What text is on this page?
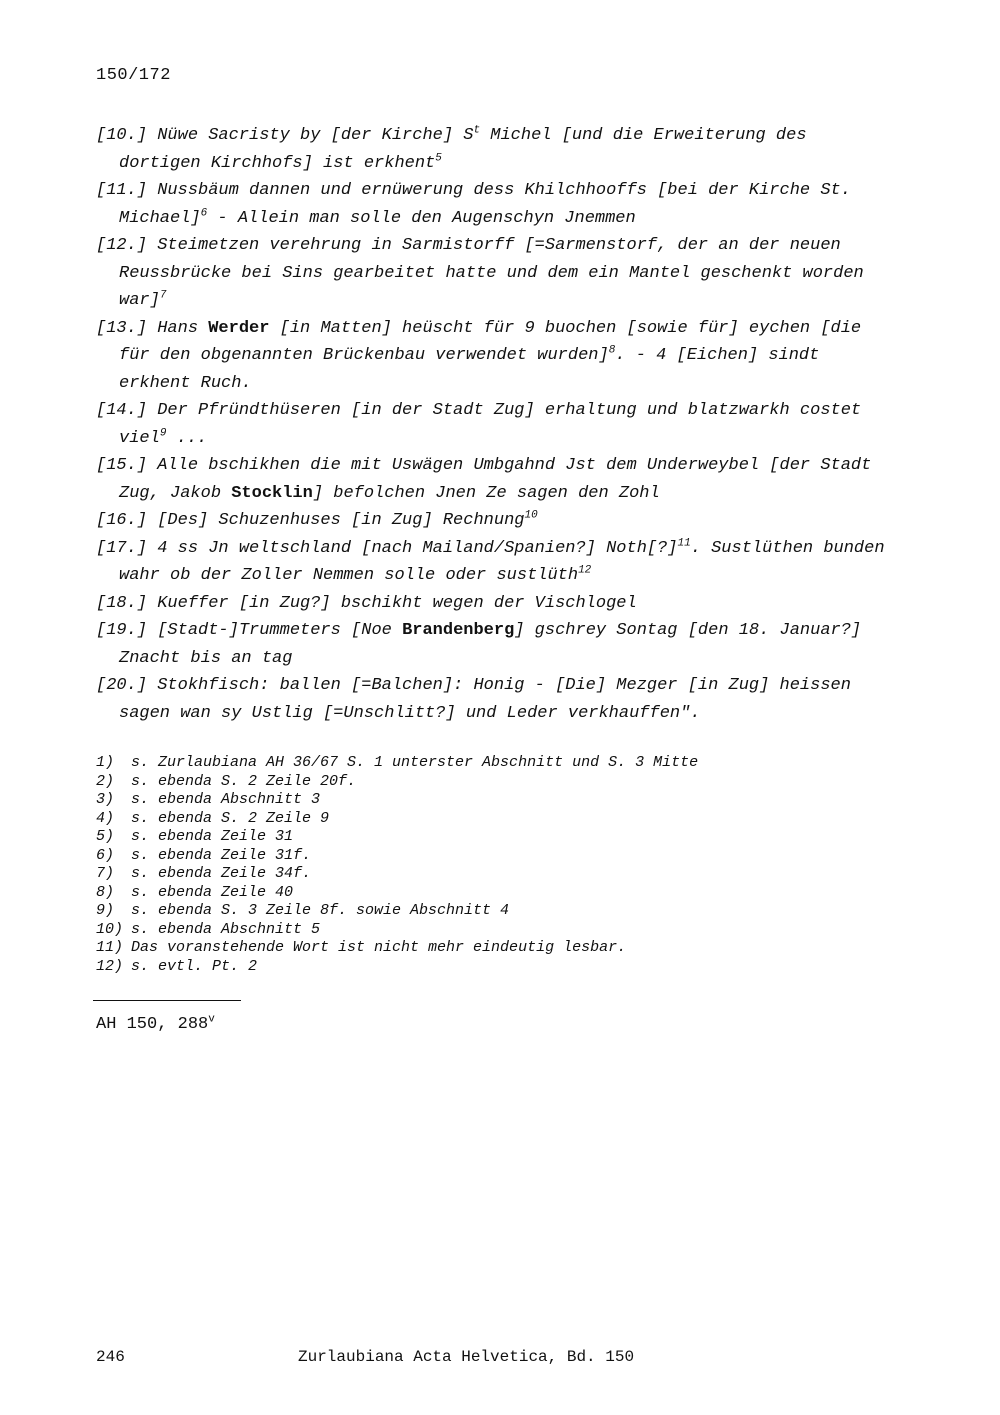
150/172

[10.] Nüwe Sacristy by [der Kirche] $S^t$ Michel [und die Erweiterung des dortigen Kirchhofs] ist erkhent$^5$

[11.] Nussbäum dannen und ernüwerung dess Khilchhooffs [bei der Kirche St. Michael]$^6$ - Allein man solle den Augenschyn Jnemmen

[12.] Steimetzen verehrung in Sarmistorff [=Sarmenstorf, der an der neuen Reussbrücke bei Sins gearbeitet hatte und dem ein Mantel geschenkt worden war]$^7$

[13.] Hans Werder [in Matten] heüscht für 9 buochen [sowie für] eychen [die für den obgenannten Brückenbau verwendet wurden]$^8$. - 4 [Eichen] sindt erkhent Ruch.

[14.] Der Pfründthüseren [in der Stadt Zug] erhaltung und blatzwarkh costet viel$^9$ ...

[15.] Alle bschikhen die mit Uswägen Umbgahnd Jst dem Underweybel [der Stadt Zug, Jakob Stocklin] befolchen Jnen Ze sagen den Zohl

[16.] [Des] Schuzenhuses [in Zug] Rechnung$^{10}$

[17.] 4 ss Jn weltschland [nach Mailand/Spanien?] Noth[?]$^{11}$. Sustlüthen bunden wahr ob der Zoller Nemmen solle oder sustlüth$^{12}$

[18.] Kueffer [in Zug?] bschikht wegen der Vischlogel

[19.] [Stadt-]Trummeters [Noe Brandenberg] gschrey Sontag [den 18. Januar?] Znacht bis an tag

[20.] Stokhfisch: ballen [=Balchen]: Honig - [Die] Mezger [in Zug] heissen sagen wan sy Ustlig [=Unschlitt?] und Leder verkhauffen".

1)	s. Zurlaubiana AH 36/67 S. 1 unterster Abschnitt und S. 3 Mitte
2)	s. ebenda S. 2 Zeile 20f.
3)	s. ebenda Abschnitt 3
4)	s. ebenda S. 2 Zeile 9
5)	s. ebenda Zeile 31
6)	s. ebenda Zeile 31f.
7)	s. ebenda Zeile 34f.
8)	s. ebenda Zeile 40
9)	s. ebenda S. 3 Zeile 8f. sowie Abschnitt 4
10) s. ebenda Abschnitt 5
11) Das voranstehende Wort ist nicht mehr eindeutig lesbar.
12) s. evtl. Pt. 2
AH 150, 288$^v$
246	Zurlaubiana Acta Helvetica, Bd. 150
